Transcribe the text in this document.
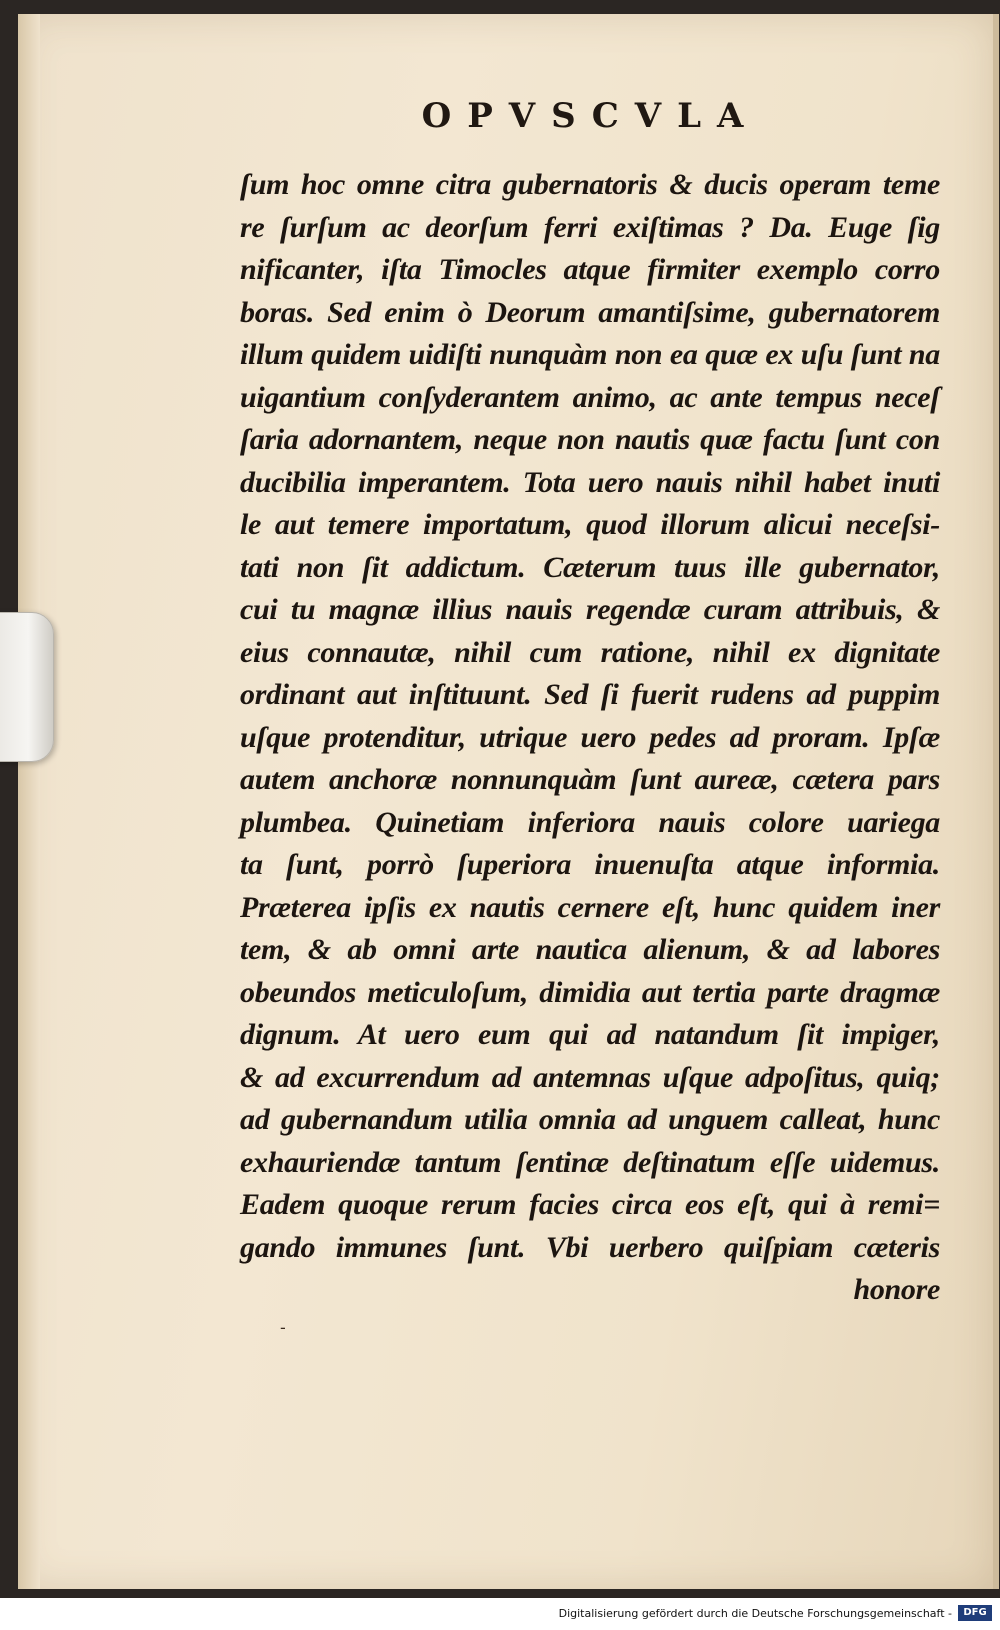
OPVSCVLA
ſum hoc omne citra gubernatoris & ducis operam teme
re ſurſum ac deorſum ferri exiſtimas ? Da. Euge ſig
nificanter, iſta Timocles atque firmiter exemplo corro
boras. Sed enim ò Deorum amantiſsime, gubernatorem
illum quidem uidiſti nunquàm non ea quæ ex uſu ſunt na
uigantium conſyderantem animo, ac ante tempus neceſ
ſaria adornantem, neque non nautis quæ factu ſunt con
ducibilia imperantem. Tota uero nauis nihil habet inuti
le aut temere importatum, quod illorum alicui neceſsi-
tati non ſit addictum. Cæterum tuus ille gubernator,
cui tu magnæ illius nauis regendæ curam attribuis, &
eius connautæ, nihil cum ratione, nihil ex dignitate
ordinant aut inſtituunt. Sed ſi fuerit rudens ad puppim
uſque protenditur, utrique uero pedes ad proram. Ipſæ
autem anchoræ nonnunquàm ſunt aureæ, cætera pars
plumbea. Quinetiam inferiora nauis colore uariega
ta ſunt, porrò ſuperiora inuenuſta atque informia.
Præterea ipſis ex nautis cernere eſt, hunc quidem iner
tem, & ab omni arte nautica alienum, & ad labores
obeundos meticuloſum, dimidia aut tertia parte dragmæ
dignum. At uero eum qui ad natandum ſit impiger,
& ad excurrendum ad antemnas uſque adpoſitus, quiq;
ad gubernandum utilia omnia ad unguem calleat, hunc
exhauriendæ tantum ſentinæ deſtinatum eſſe uidemus.
Eadem quoque rerum facies circa eos eſt, qui à remi=
gando immunes ſunt. Vbi uerbero quiſpiam cæteris
honore
-
Digitalisierung gefördert durch die Deutsche Forschungsgemeinschaft -	DFG
